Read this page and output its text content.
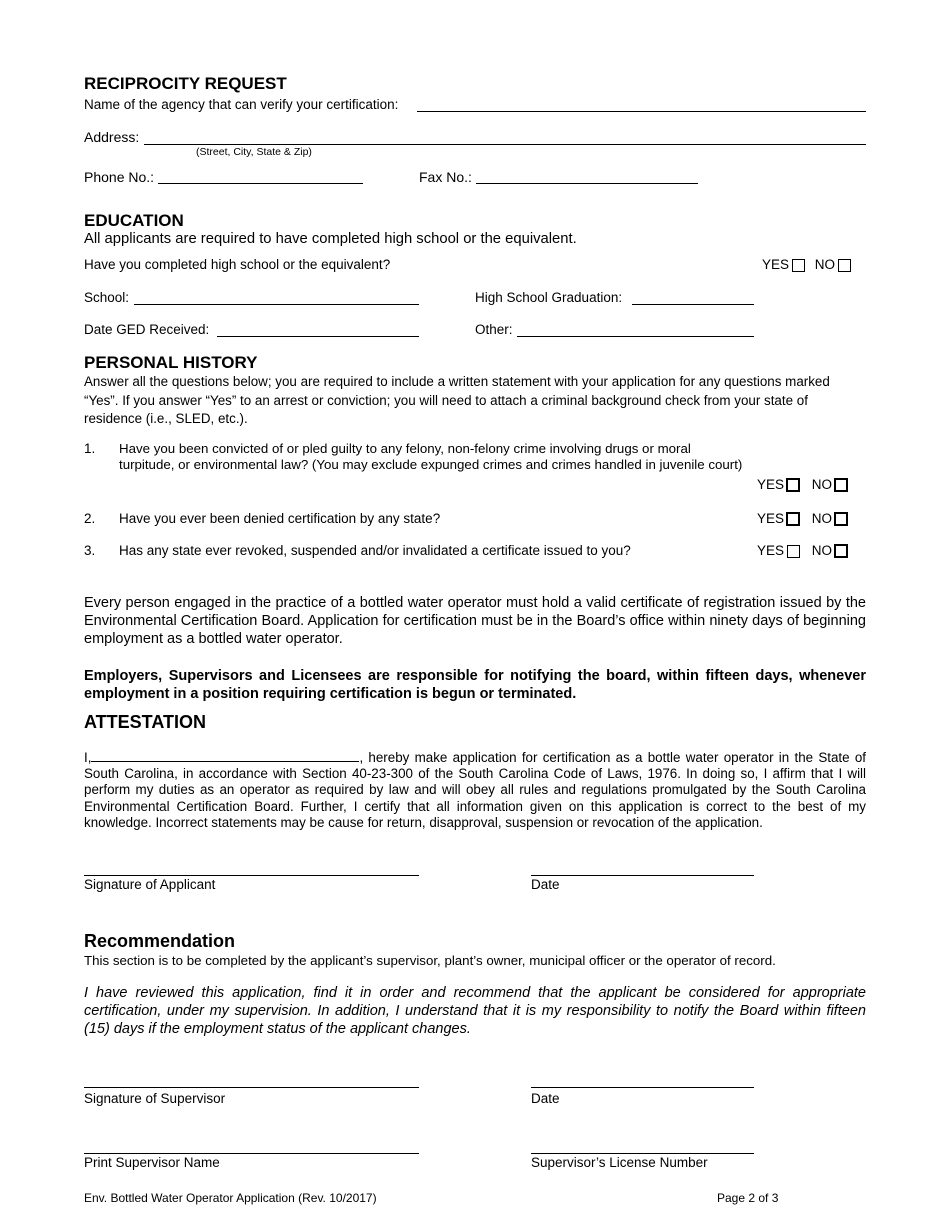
RECIPROCITY REQUEST
Name of the agency that can verify your certification:
Address:
(Street, City, State & Zip)
Phone No.:	Fax No.:
EDUCATION
All applicants are required to have completed high school or the equivalent.
Have you completed high school or the equivalent?	YES NO
School:	High School Graduation:
Date GED Received:	Other:
PERSONAL HISTORY
Answer all the questions below; you are required to include a written statement with your application for any questions marked “Yes”. If you answer “Yes” to an arrest or conviction; you will need to attach a criminal background check from your state of residence (i.e., SLED, etc.).
1. Have you been convicted of or pled guilty to any felony, non-felony crime involving drugs or moral turpitude, or environmental law? (You may exclude expunged crimes and crimes handled in juvenile court)
YES NO
2. Have you ever been denied certification by any state?	YES NO
3. Has any state ever revoked, suspended and/or invalidated a certificate issued to you?	YES NO
Every person engaged in the practice of a bottled water operator must hold a valid certificate of registration issued by the Environmental Certification Board. Application for certification must be in the Board’s office within ninety days of beginning employment as a bottled water operator.
Employers, Supervisors and Licensees are responsible for notifying the board, within fifteen days, whenever employment in a position requiring certification is begun or terminated.
ATTESTATION
I,	, hereby make application for certification as a bottle water operator in the State of South Carolina, in accordance with Section 40-23-300 of the South Carolina Code of Laws, 1976. In doing so, I affirm that I will perform my duties as an operator as required by law and will obey all rules and regulations promulgated by the South Carolina Environmental Certification Board. Further, I certify that all information given on this application is correct to the best of my knowledge. Incorrect statements may be cause for return, disapproval, suspension or revocation of the application.
Signature of Applicant	Date
Recommendation
This section is to be completed by the applicant’s supervisor, plant’s owner, municipal officer or the operator of record.
I have reviewed this application, find it in order and recommend that the applicant be considered for appropriate certification, under my supervision. In addition, I understand that it is my responsibility to notify the Board within fifteen (15) days if the employment status of the applicant changes.
Signature of Supervisor	Date
Print Supervisor Name	Supervisor’s License Number
Env. Bottled Water Operator Application (Rev. 10/2017)	Page 2 of 3
